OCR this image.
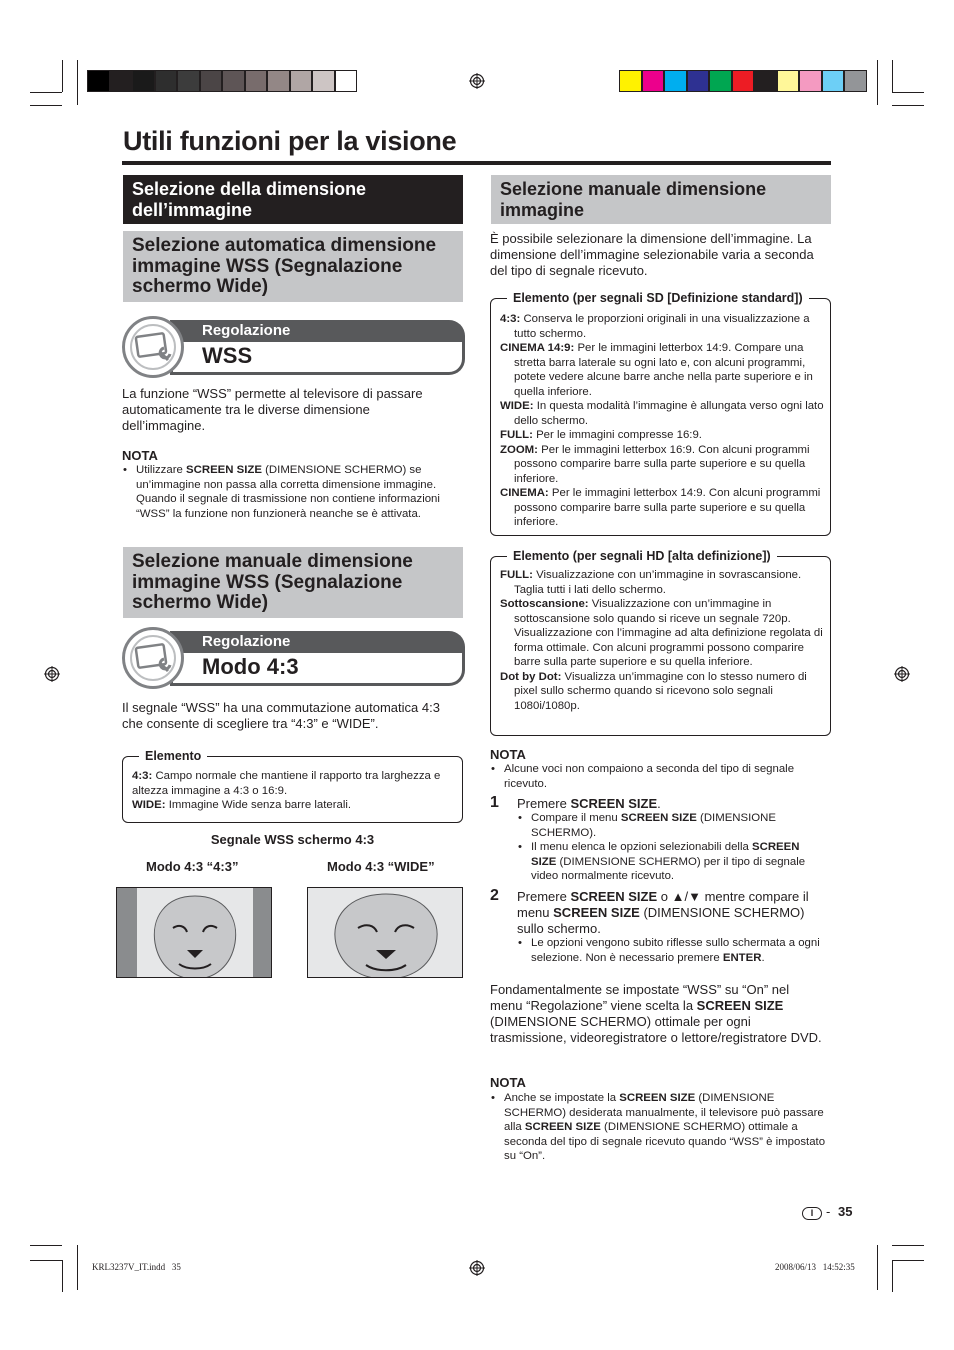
Utili funzioni per la visione
Selezione della dimensione dell’immagine
Selezione automatica dimensione immagine WSS (Segnalazione schermo Wide)
Regolazione
WSS
La funzione “WSS” permette al televisore di passare automaticamente tra le diverse dimensione dell’immagine.
NOTA
• Utilizzare SCREEN SIZE (DIMENSIONE SCHERMO) se un’immagine non passa alla corretta dimensione immagine. Quando il segnale di trasmissione non contiene informazioni “WSS” la funzione non funzionerà neanche se è attivata.
Selezione manuale dimensione immagine WSS (Segnalazione schermo Wide)
Regolazione
Modo 4:3
Il segnale “WSS” ha una commutazione automatica 4:3 che consente di scegliere tra “4:3” e “WIDE”.
Elemento
4:3: Campo normale che mantiene il rapporto tra larghezza e altezza immagine a 4:3 o 16:9.
WIDE: Immagine Wide senza barre laterali.
Segnale WSS schermo 4:3
Modo 4:3 “4:3”	Modo 4:3 “WIDE”
Selezione manuale dimensione immagine
È possibile selezionare la dimensione dell’immagine. La dimensione dell’immagine selezionabile varia a seconda del tipo di segnale ricevuto.
Elemento (per segnali SD [Definizione standard])
4:3: Conserva le proporzioni originali in una visualizzazione a tutto schermo.
CINEMA 14:9: Per le immagini letterbox 14:9. Compare una stretta barra laterale su ogni lato e, con alcuni programmi, potete vedere alcune barre anche nella parte superiore e in quella inferiore.
WIDE: In questa modalità l’immagine è allungata verso ogni lato dello schermo.
FULL: Per le immagini compresse 16:9.
ZOOM: Per le immagini letterbox 16:9. Con alcuni programmi possono comparire barre sulla parte superiore e su quella inferiore.
CINEMA: Per le immagini letterbox 14:9. Con alcuni programmi possono comparire barre sulla parte superiore e su quella inferiore.
Elemento (per segnali HD [alta definizione])
FULL: Visualizzazione con un’immagine in sovrascansione. Taglia tutti i lati dello schermo.
Sottoscansione: Visualizzazione con un’immagine in sottoscansione solo quando si riceve un segnale 720p. Visualizzazione con l’immagine ad alta definizione regolata di forma ottimale. Con alcuni programmi possono comparire barre sulla parte superiore e su quella inferiore.
Dot by Dot: Visualizza un’immagine con lo stesso numero di pixel sullo schermo quando si ricevono solo segnali 1080i/1080p.
NOTA
• Alcune voci non compaiono a seconda del tipo di segnale ricevuto.
1 Premere SCREEN SIZE.
• Compare il menu SCREEN SIZE (DIMENSIONE SCHERMO).
• Il menu elenca le opzioni selezionabili della SCREEN SIZE (DIMENSIONE SCHERMO) per il tipo di segnale video normalmente ricevuto.
2 Premere SCREEN SIZE o ▲/▼ mentre compare il menu SCREEN SIZE (DIMENSIONE SCHERMO) sullo schermo.
• Le opzioni vengono subito riflesse sullo schermata a ogni selezione. Non è necessario premere ENTER.
Fondamentalmente se impostate “WSS” su “On” nel menu “Regolazione” viene scelta la SCREEN SIZE (DIMENSIONE SCHERMO) ottimale per ogni trasmissione, videoregistratore o lettore/registratore DVD.
NOTA
• Anche se impostate la SCREEN SIZE (DIMENSIONE SCHERMO) desiderata manualmente, il televisore può passare alla SCREEN SIZE (DIMENSIONE SCHERMO) ottimale a seconda del tipo di segnale ricevuto quando “WSS” è impostato su “On”.
I - 35
KRL3237V_IT.indd   35	2008/06/13   14:52:35
